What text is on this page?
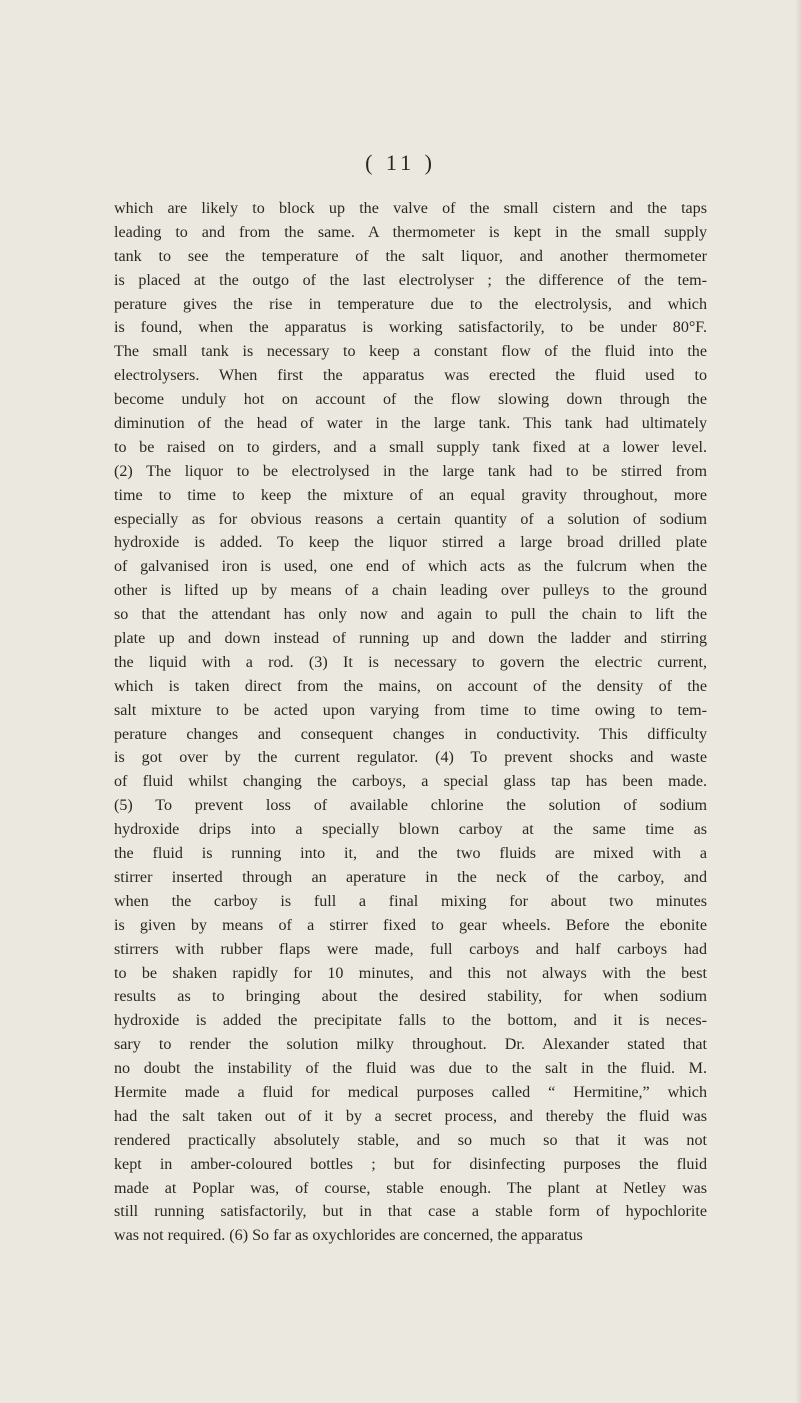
( 11 )

which are likely to block up the valve of the small cistern and the taps
leading to and from the same. A thermometer is kept in the small supply
tank to see the temperature of the salt liquor, and another thermometer
is placed at the outgo of the last electrolyser ; the difference of the tem-
perature gives the rise in temperature due to the electrolysis, and which
is found, when the apparatus is working satisfactorily, to be under 80°F.
The small tank is necessary to keep a constant flow of the fluid into the
electrolysers. When first the apparatus was erected the fluid used to
become unduly hot on account of the flow slowing down through the
diminution of the head of water in the large tank. This tank had ultimately
to be raised on to girders, and a small supply tank fixed at a lower level.
(2) The liquor to be electrolysed in the large tank had to be stirred from
time to time to keep the mixture of an equal gravity throughout, more
especially as for obvious reasons a certain quantity of a solution of sodium
hydroxide is added. To keep the liquor stirred a large broad drilled plate
of galvanised iron is used, one end of which acts as the fulcrum when the
other is lifted up by means of a chain leading over pulleys to the ground
so that the attendant has only now and again to pull the chain to lift the
plate up and down instead of running up and down the ladder and stirring
the liquid with a rod. (3) It is necessary to govern the electric current,
which is taken direct from the mains, on account of the density of the
salt mixture to be acted upon varying from time to time owing to tem-
perature changes and consequent changes in conductivity. This difficulty
is got over by the current regulator. (4) To prevent shocks and waste
of fluid whilst changing the carboys, a special glass tap has been made.
(5) To prevent loss of available chlorine the solution of sodium
hydroxide drips into a specially blown carboy at the same time as
the fluid is running into it, and the two fluids are mixed with a
stirrer inserted through an aperature in the neck of the carboy, and
when the carboy is full a final mixing for about two minutes
is given by means of a stirrer fixed to gear wheels. Before the ebonite
stirrers with rubber flaps were made, full carboys and half carboys had
to be shaken rapidly for 10 minutes, and this not always with the best
results as to bringing about the desired stability, for when sodium
hydroxide is added the precipitate falls to the bottom, and it is neces-
sary to render the solution milky throughout. Dr. Alexander stated that
no doubt the instability of the fluid was due to the salt in the fluid. M.
Hermite made a fluid for medical purposes called “ Hermitine,” which
had the salt taken out of it by a secret process, and thereby the fluid was
rendered practically absolutely stable, and so much so that it was not
kept in amber-coloured bottles ; but for disinfecting purposes the fluid
made at Poplar was, of course, stable enough. The plant at Netley was
still running satisfactorily, but in that case a stable form of hypochlorite
was not required. (6) So far as oxychlorides are concerned, the apparatus
